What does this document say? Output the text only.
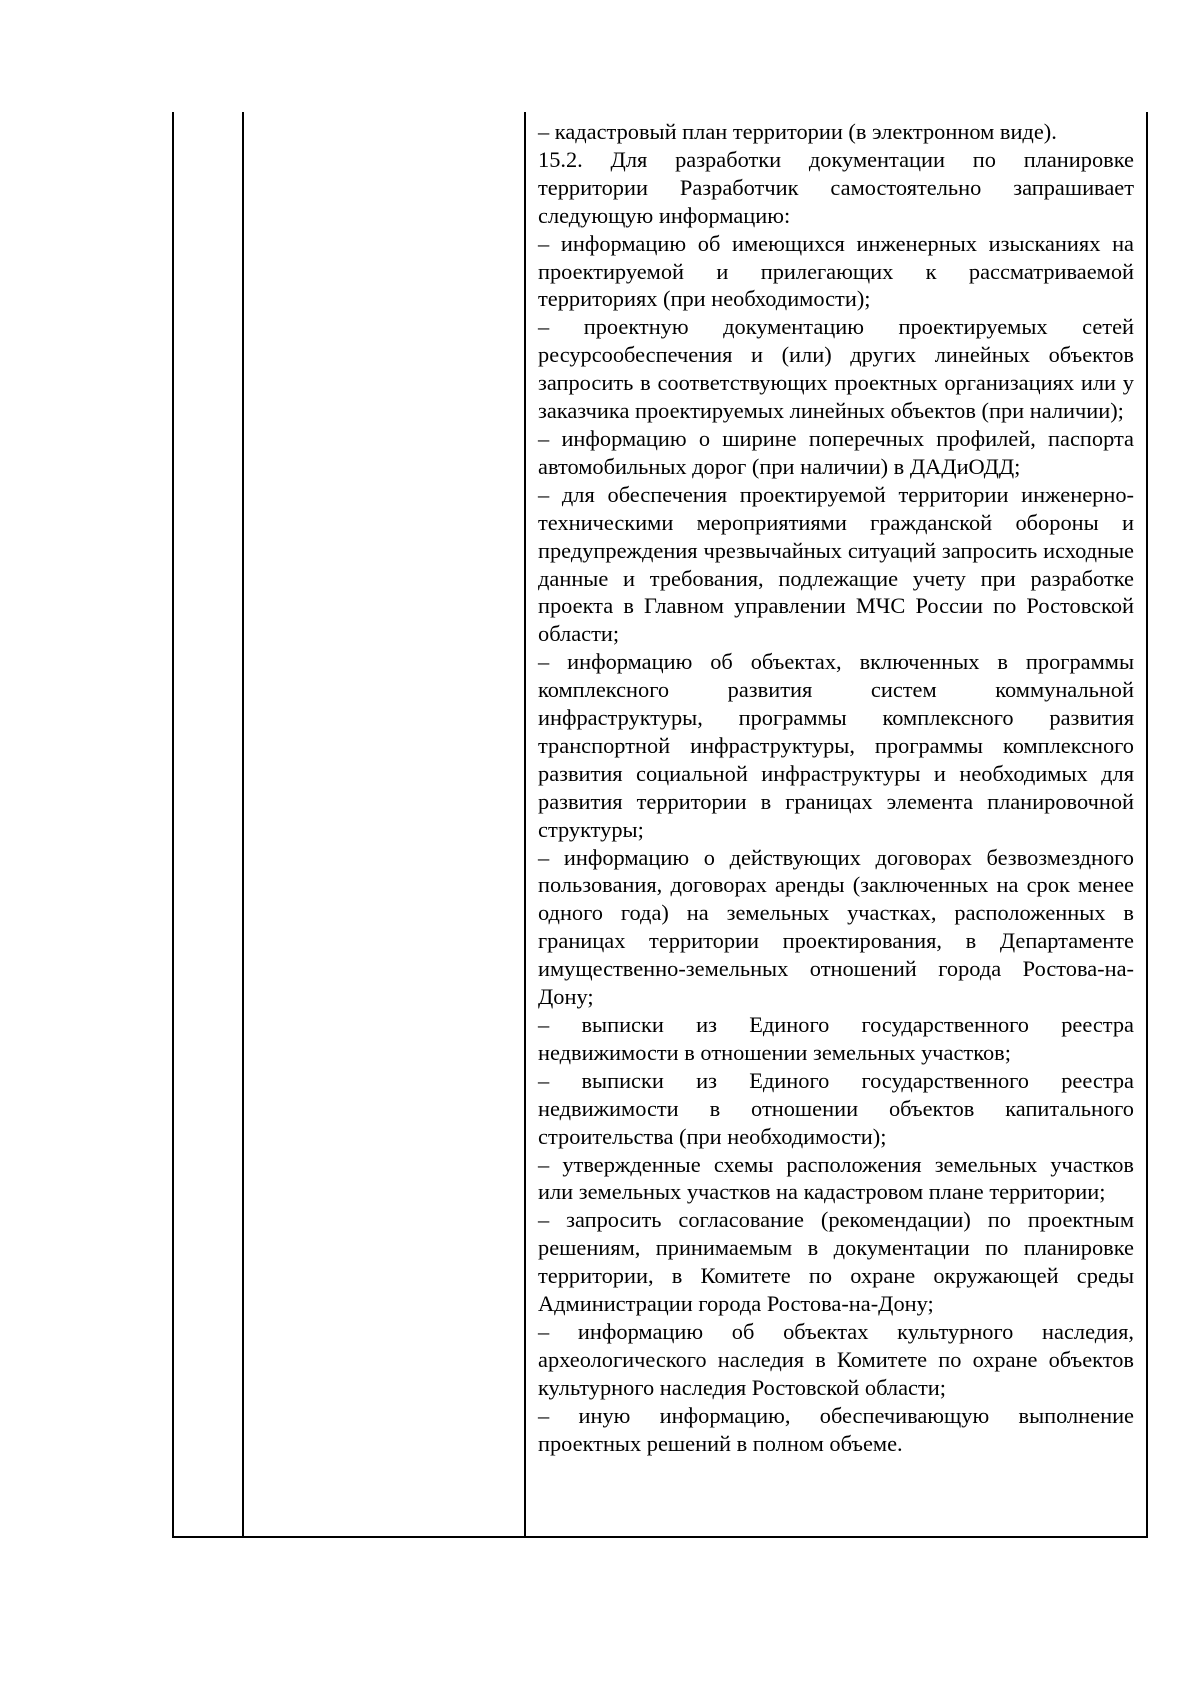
– кадастровый план территории (в электронном виде).

15.2. Для разработки документации по планировке территории Разработчик самостоятельно запрашивает следующую информацию:

– информацию об имеющихся инженерных изысканиях на проектируемой и прилегающих к рассматриваемой территориях (при необходимости);

– проектную документацию проектируемых сетей ресурсообеспечения и (или) других линейных объектов запросить в соответствующих проектных организациях или у заказчика проектируемых линейных объектов (при наличии);

– информацию о ширине поперечных профилей, паспорта автомобильных дорог (при наличии) в ДАДиОДД;

– для обеспечения проектируемой территории инженерно-техническими мероприятиями гражданской обороны и предупреждения чрезвычайных ситуаций запросить исходные данные и требования, подлежащие учету при разработке проекта в Главном управлении МЧС России по Ростовской области;

– информацию об объектах, включенных в программы комплексного развития систем коммунальной инфраструктуры, программы комплексного развития транспортной инфраструктуры, программы комплексного развития социальной инфраструктуры и необходимых для развития территории в границах элемента планировочной структуры;

– информацию о действующих договорах безвозмездного пользования, договорах аренды (заключенных на срок менее одного года) на земельных участках, расположенных в границах территории проектирования, в Департаменте имущественно-земельных отношений города Ростова-на-Дону;

– выписки из Единого государственного реестра недвижимости в отношении земельных участков;

– выписки из Единого государственного реестра недвижимости в отношении объектов капитального строительства (при необходимости);

– утвержденные схемы расположения земельных участков или земельных участков на кадастровом плане территории;

– запросить согласование (рекомендации) по проектным решениям, принимаемым в документации по планировке территории, в Комитете по охране окружающей среды Администрации города Ростова-на-Дону;

– информацию об объектах культурного наследия, археологического наследия в Комитете по охране объектов культурного наследия Ростовской области;

– иную информацию, обеспечивающую выполнение проектных решений в полном объеме.
